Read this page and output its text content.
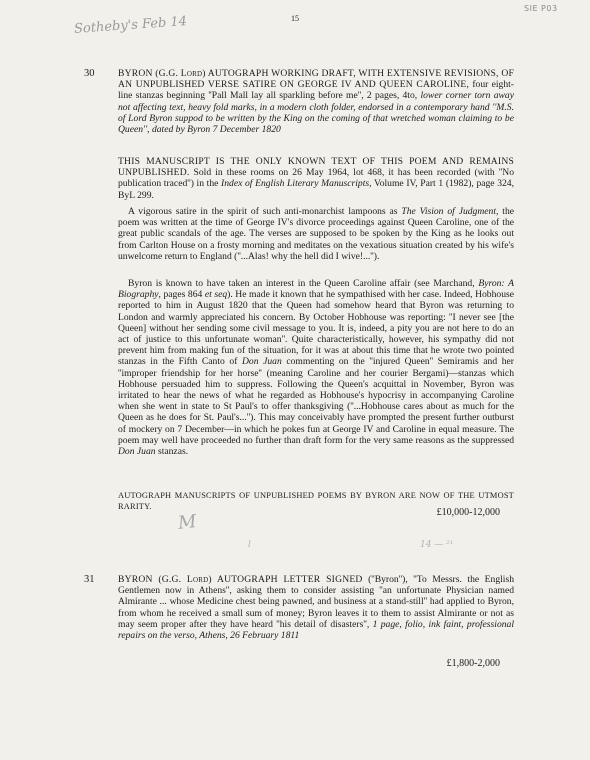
15
SIE P03
Sotheby's Feb 14
30 BYRON (G.G. Lord) AUTOGRAPH WORKING DRAFT, WITH EXTENSIVE REVISIONS, OF AN UNPUBLISHED VERSE SATIRE ON GEORGE IV AND QUEEN CAROLINE, four eight-line stanzas beginning ''Pall Mall lay all sparkling before me'', 2 pages, 4to, lower corner torn away not affecting text, heavy fold marks, in a modern cloth folder, endorsed in a contemporary hand ''M.S. of Lord Byron suppod to be written by the King on the coming of that wretched woman claiming to be Queen'', dated by Byron 7 December 1820
THIS MANUSCRIPT IS THE ONLY KNOWN TEXT OF THIS POEM AND REMAINS UNPUBLISHED. Sold in these rooms on 26 May 1964, lot 468, it has been recorded (with ''No publication traced'') in the Index of English Literary Manuscripts, Volume IV, Part 1 (1982), page 324, ByL 299.
A vigorous satire in the spirit of such anti-monarchist lampoons as The Vision of Judgment, the poem was written at the time of George IV's divorce proceedings against Queen Caroline, one of the great public scandals of the age. The verses are supposed to be spoken by the King as he looks out from Carlton House on a frosty morning and meditates on the vexatious situation created by his wife's unwelcome return to England (''...Alas! why the hell did I wive!...'').
Byron is known to have taken an interest in the Queen Caroline affair (see Marchand, Byron: A Biography, pages 864 et seq). He made it known that he sympathised with her case. Indeed, Hobhouse reported to him in August 1820 that the Queen had somehow heard that Byron was returning to London and warmly appreciated his concern. By October Hobhouse was reporting: ''I never see [the Queen] without her sending some civil message to you. It is, indeed, a pity you are not here to do an act of justice to this unfortunate woman''. Quite characteristically, however, his sympathy did not prevent him from making fun of the situation, for it was at about this time that he wrote two pointed stanzas in the Fifth Canto of Don Juan commenting on the ''injured Queen'' Semiramis and her ''improper friendship for her horse'' (meaning Caroline and her courier Bergami)—stanzas which Hobhouse persuaded him to suppress. Following the Queen's acquittal in November, Byron was irritated to hear the news of what he regarded as Hobhouse's hypocrisy in accompanying Caroline when she went in state to St Paul's to offer thanksgiving (''...Hobhouse cares about as much for the Queen as he does for St. Paul's...''). This may conceivably have prompted the present further outburst of mockery on 7 December—in which he pokes fun at George IV and Caroline in equal measure. The poem may well have proceeded no further than draft form for the very same reasons as the suppressed Don Juan stanzas.
AUTOGRAPH MANUSCRIPTS OF UNPUBLISHED POEMS BY BYRON ARE NOW OF THE UTMOST RARITY.
£10,000-12,000
M
l	14 — ²¹
31 BYRON (G.G. Lord) AUTOGRAPH LETTER SIGNED (''Byron''), ''To Messrs. the English Gentlemen now in Athens'', asking them to consider assisting ''an unfortunate Physician named Almirante ... whose Medicine chest being pawned, and business at a stand-still'' had applied to Byron, from whom he received a small sum of money; Byron leaves it to them to assist Almirante or not as may seem proper after they have heard ''his detail of disasters'', 1 page, folio, ink faint, professional repairs on the verso, Athens, 26 February 1811
£1,800-2,000
